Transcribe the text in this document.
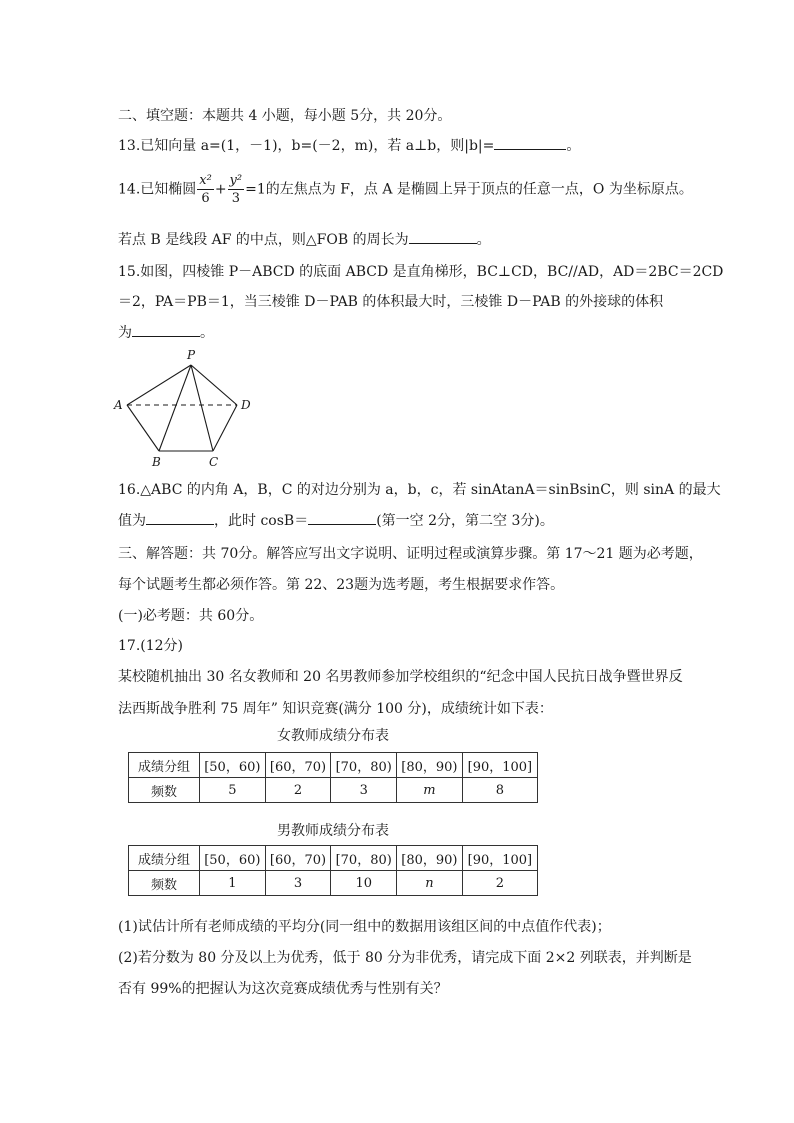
二、填空题：本题共 4 小题，每小题 5分，共 20分。
13.已知向量 a=(1，－1)，b=(－2，m)，若 a⊥b，则|b|=	。
14.已知椭圆 $\frac{\text{x²}}{6} + \frac{\text{y²}}{3} =1$的左焦点为 F，点 A 是椭圆上异于顶点的任意一点，O 为坐标原点。
若点 B 是线段 AF 的中点，则△FOB 的周长为	。
15.如图，四棱锥 P－ABCD 的底面 ABCD 是直角梯形，BC⊥CD，BC//AD，AD＝2BC＝2CD
＝2，PA＝PB＝1，当三棱锥 D－PAB 的体积最大时，三棱锥 D－PAB 的外接球的体积
为	。
P
A	D
B	C
16.△ABC 的内角 A，B，C 的对边分别为 a，b，c，若 sinAtanA＝sinBsinC，则 sinA 的最大
值为	，此时 cosB＝	(第一空 2分，第二空 3分)。
三、解答题：共 70分。解答应写出文字说明、证明过程或演算步骤。第 17～21 题为必考题，
每个试题考生都必须作答。第 22、23题为选考题，考生根据要求作答。
(一)必考题：共 60分。
17.(12分)
某校随机抽出 30 名女教师和 20 名男教师参加学校组织的“纪念中国人民抗日战争暨世界反
法西斯战争胜利 75 周年” 知识竞赛(满分 100 分)，成绩统计如下表：
女教师成绩分布表
成绩分组	[50，60)	[60，70)	[70，80)	[80，90)	[90，100]
频数	5	2	3	m	8
男教师成绩分布表
成绩分组	[50，60)	[60，70)	[70，80)	[80，90)	[90，100]
频数	1	3	10	n	2
(1)试估计所有老师成绩的平均分(同一组中的数据用该组区间的中点值作代表)；
(2)若分数为 80 分及以上为优秀，低于 80 分为非优秀，请完成下面 2×2 列联表，并判断是
否有 99%的把握认为这次竞赛成绩优秀与性别有关？
